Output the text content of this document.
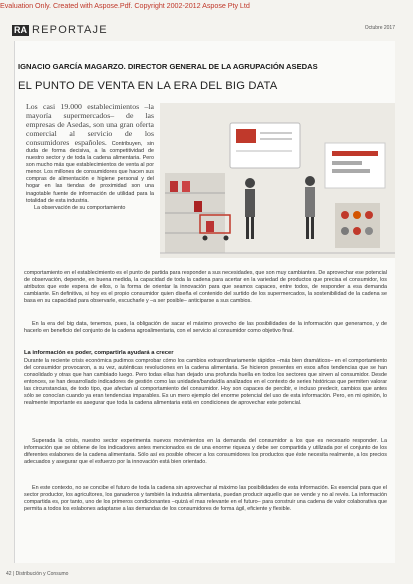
Evaluation Only. Created with Aspose.Pdf. Copyright 2002-2012 Aspose Pty Ltd
RA REPORTAJE	Octubre 2017
IGNACIO GARCÍA MAGARZO. DIRECTOR GENERAL DE LA AGRUPACIÓN ASEDAS
EL PUNTO DE VENTA EN LA ERA DEL BIG DATA
Los casi 19.000 establecimientos –la mayoría supermercados– de las empresas de Asedas, son una gran oferta comercial al servicio de los consumidores españoles. Contribuyen, sin duda de forma decisiva, a la competitividad de nuestro sector y de toda la cadena alimentaria. Pero son mucho más que establecimientos de venta al por menor. Los millones de consumidores que hacen sus compras de alimentación e higiene personal y del hogar en las tiendas de proximidad son una inagotable fuente de información de utilidad para la totalidad de esta industria.
La observación de su comportamiento
comportamiento en el establecimiento es el punto de partida para responder a sus necesidades, que son muy cambiantes. De aprovechar ese potencial de observación, depende, en buena medida, la capacidad de toda la cadena para acertar en la variedad de productos que precisa el consumidor, los atributos que este espera de ellos, o la forma de orientar la innovación para que seamos capaces, entre todos, de responder a esa demanda cambiante. En definitiva, si hoy es el propio consumidor quien diseña el contenido del surtido de los supermercados, la sostenibilidad de la cadena se basa en su capacidad para observarle, escucharle y –a ser posible– anticiparse a sus cambios.
En la era del big data, tenemos, pues, la obligación de sacar el máximo provecho de las posibilidades de la información que generamos, y de hacerlo en beneficio del conjunto de la cadena agroalimentaria, con el servicio al consumidor como objetivo final.
La información es poder, compartirla ayudará a crecer
Durante la reciente crisis económica pudimos comprobar cómo los cambios extraordinariamente rápidos –más bien dramáticos– en el comportamiento del consumidor provocaron, a su vez, auténticas revoluciones en la cadena alimentaria. Se hicieron presentes en esos años tendencias que se han consolidado y otras que han cambiado luego. Pero todas ellas han dejado una profunda huella en todos los sectores que sirven al consumidor. Desde entonces, se han desarrollado indicadores de gestión como las unidades/banda/día analizados en el contexto de series históricas que permiten valorar las circunstancias, de todo tipo, que afectan al comportamiento del consumidor. Hoy son capaces de percibir, e incluso predecir, cambios que antes sólo se conocían cuando ya eran tendencias imparables. Es un mero ejemplo del enorme potencial del uso de esta información. Pero, en mi opinión, lo realmente importante es asegurar que toda la cadena alimentaria está en condiciones de aprovechar este potencial.
Superada la crisis, nuestro sector experimenta nuevos movimientos en la demanda del consumidor a los que es necesario responder. La información que se obtiene de los indicadores antes mencionados es de una enorme riqueza y debe ser compartida y utilizada por el conjunto de los diferentes eslabones de la cadena alimentaria. Sólo así es posible ofrecer a los consumidores los productos que éste necesita realmente, a los precios adecuados y asegurar que el esfuerzo por la innovación está bien orientado.
En este contexto, no se concibe el futuro de toda la cadena sin aprovechar al máximo las posibilidades de esta información. Es esencial para que el sector productor, los agricultores, los ganaderos y también la industria alimentaria, puedan producir aquello que se vende y no al revés. La información compartida es, por tanto, uno de los primeros condicionantes –quizá el mas relevante en el futuro– para construir una cadena de valor colaborativa que permita a todos los eslabones adaptarse a las demandas de los consumidores de forma ágil, eficiente y flexible.
42 | Distribución y Consumo
